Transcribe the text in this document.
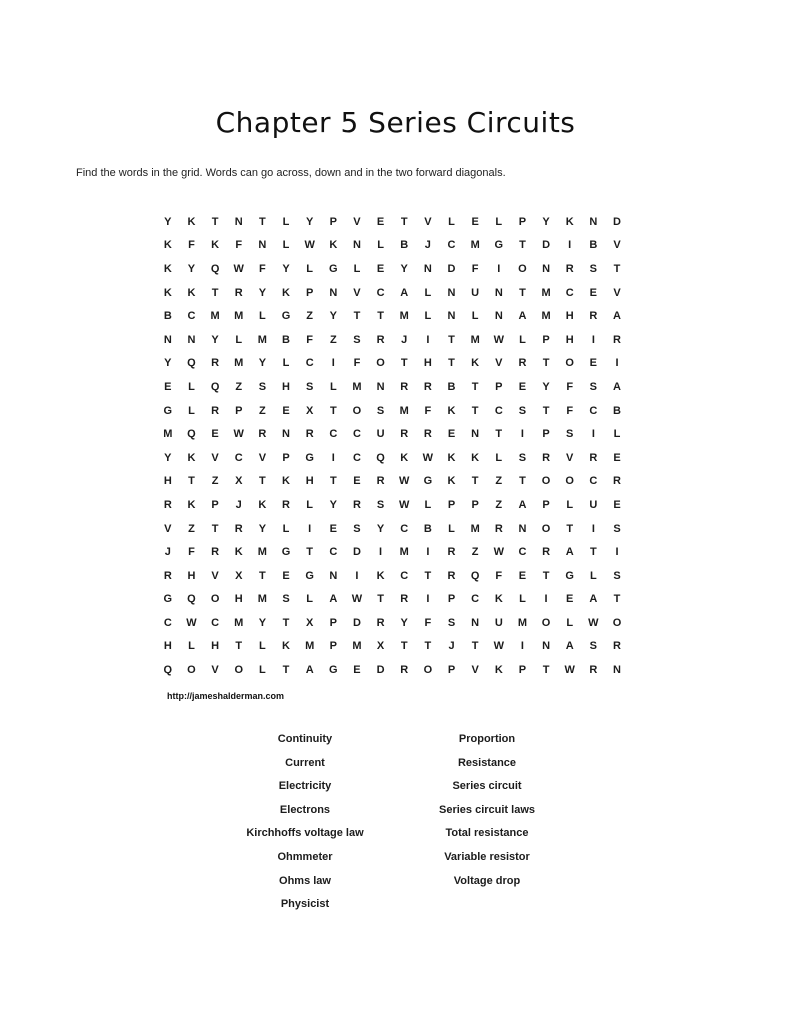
Chapter 5 Series Circuits
Find the words in the grid. Words can go across, down and in the two forward diagonals.
Y	K	T	N	T	L	Y	P	V	E	T	V	L	E	L	P	Y	K	N	D
K	F	K	F	N	L	W	K	N	L	B	J	C	M	G	T	D	I	B	V
K	Y	Q	W	F	Y	L	G	L	E	Y	N	D	F	I	O	N	R	S	T
K	K	T	R	Y	K	P	N	V	C	A	L	N	U	N	T	M	C	E	V
B	C	M	M	L	G	Z	Y	T	T	M	L	N	L	N	A	M	H	R	A
N	N	Y	L	M	B	F	Z	S	R	J	I	T	M	W	L	P	H	I	R
Y	Q	R	M	Y	L	C	I	F	O	T	H	T	K	V	R	T	O	E	I
E	L	Q	Z	S	H	S	L	M	N	R	R	B	T	P	E	Y	F	S	A
G	L	R	P	Z	E	X	T	O	S	M	F	K	T	C	S	T	F	C	B
M	Q	E	W	R	N	R	C	C	U	R	R	E	N	T	I	P	S	I	L
Y	K	V	C	V	P	G	I	C	Q	K	W	K	K	L	S	R	V	R	E
H	T	Z	X	T	K	H	T	E	R	W	G	K	T	Z	T	O	O	C	R
R	K	P	J	K	R	L	Y	R	S	W	L	P	P	Z	A	P	L	U	E
V	Z	T	R	Y	L	I	E	S	Y	C	B	L	M	R	N	O	T	I	S
J	F	R	K	M	G	T	C	D	I	M	I	R	Z	W	C	R	A	T	I
R	H	V	X	T	E	G	N	I	K	C	T	R	Q	F	E	T	G	L	S
G	Q	O	H	M	S	L	A	W	T	R	I	P	C	K	L	I	E	A	T
C	W	C	M	Y	T	X	P	D	R	Y	F	S	N	U	M	O	L	W	O
H	L	H	T	L	K	M	P	M	X	T	T	J	T	W	I	N	A	S	R
Q	O	V	O	L	T	A	G	E	D	R	O	P	V	K	P	T	W	R	N
http://jameshalderman.com
Continuity
Current
Electricity
Electrons
Kirchhoffs voltage law
Ohmmeter
Ohms law
Physicist
Proportion
Resistance
Series circuit
Series circuit laws
Total resistance
Variable resistor
Voltage drop
